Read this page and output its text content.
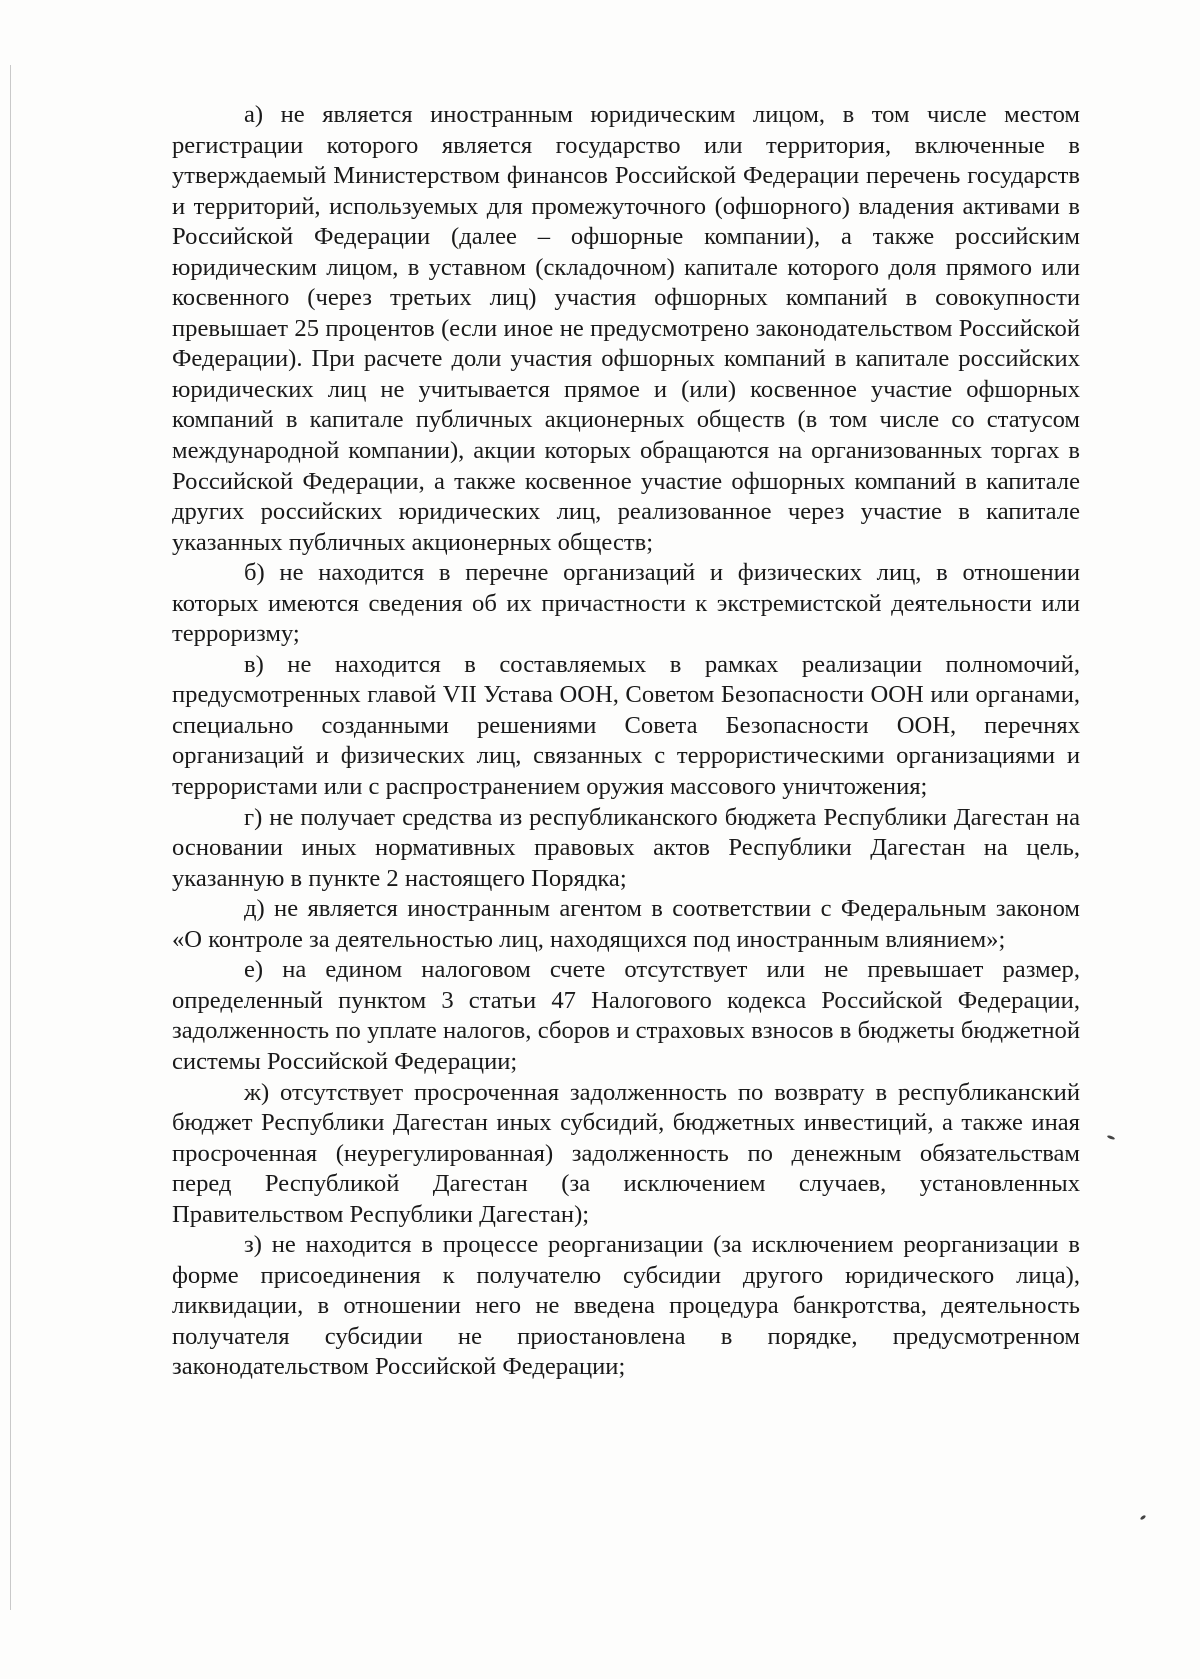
а) не является иностранным юридическим лицом, в том числе местом регистрации которого является государство или территория, включенные в утверждаемый Министерством финансов Российской Федерации перечень государств и территорий, используемых для промежуточного (офшорного) владения активами в Российской Федерации (далее – офшорные компании), а также российским юридическим лицом, в уставном (складочном) капитале которого доля прямого или косвенного (через третьих лиц) участия офшорных компаний в совокупности превышает 25 процентов (если иное не предусмотрено законодательством Российской Федерации). При расчете доли участия офшорных компаний в капитале российских юридических лиц не учитывается прямое и (или) косвенное участие офшорных компаний в капитале публичных акционерных обществ (в том числе со статусом международной компании), акции которых обращаются на организованных торгах в Российской Федерации, а также косвенное участие офшорных компаний в капитале других российских юридических лиц, реализованное через участие в капитале указанных публичных акционерных обществ;

б) не находится в перечне организаций и физических лиц, в отношении которых имеются сведения об их причастности к экстремистской деятельности или терроризму;

в) не находится в составляемых в рамках реализации полномочий, предусмотренных главой VII Устава ООН, Советом Безопасности ООН или органами, специально созданными решениями Совета Безопасности ООН, перечнях организаций и физических лиц, связанных с террористическими организациями и террористами или с распространением оружия массового уничтожения;

г) не получает средства из республиканского бюджета Республики Дагестан на основании иных нормативных правовых актов Республики Дагестан на цель, указанную в пункте 2 настоящего Порядка;

д) не является иностранным агентом в соответствии с Федеральным законом «О контроле за деятельностью лиц, находящихся под иностранным влиянием»;

е) на едином налоговом счете отсутствует или не превышает размер, определенный пунктом 3 статьи 47 Налогового кодекса Российской Федерации, задолженность по уплате налогов, сборов и страховых взносов в бюджеты бюджетной системы Российской Федерации;

ж) отсутствует просроченная задолженность по возврату в республиканский бюджет Республики Дагестан иных субсидий, бюджетных инвестиций, а также иная просроченная (неурегулированная) задолженность по денежным обязательствам перед Республикой Дагестан (за исключением случаев, установленных Правительством Республики Дагестан);

з) не находится в процессе реорганизации (за исключением реорганизации в форме присоединения к получателю субсидии другого юридического лица), ликвидации, в отношении него не введена процедура банкротства, деятельность получателя субсидии не приостановлена в порядке, предусмотренном законодательством Российской Федерации;
